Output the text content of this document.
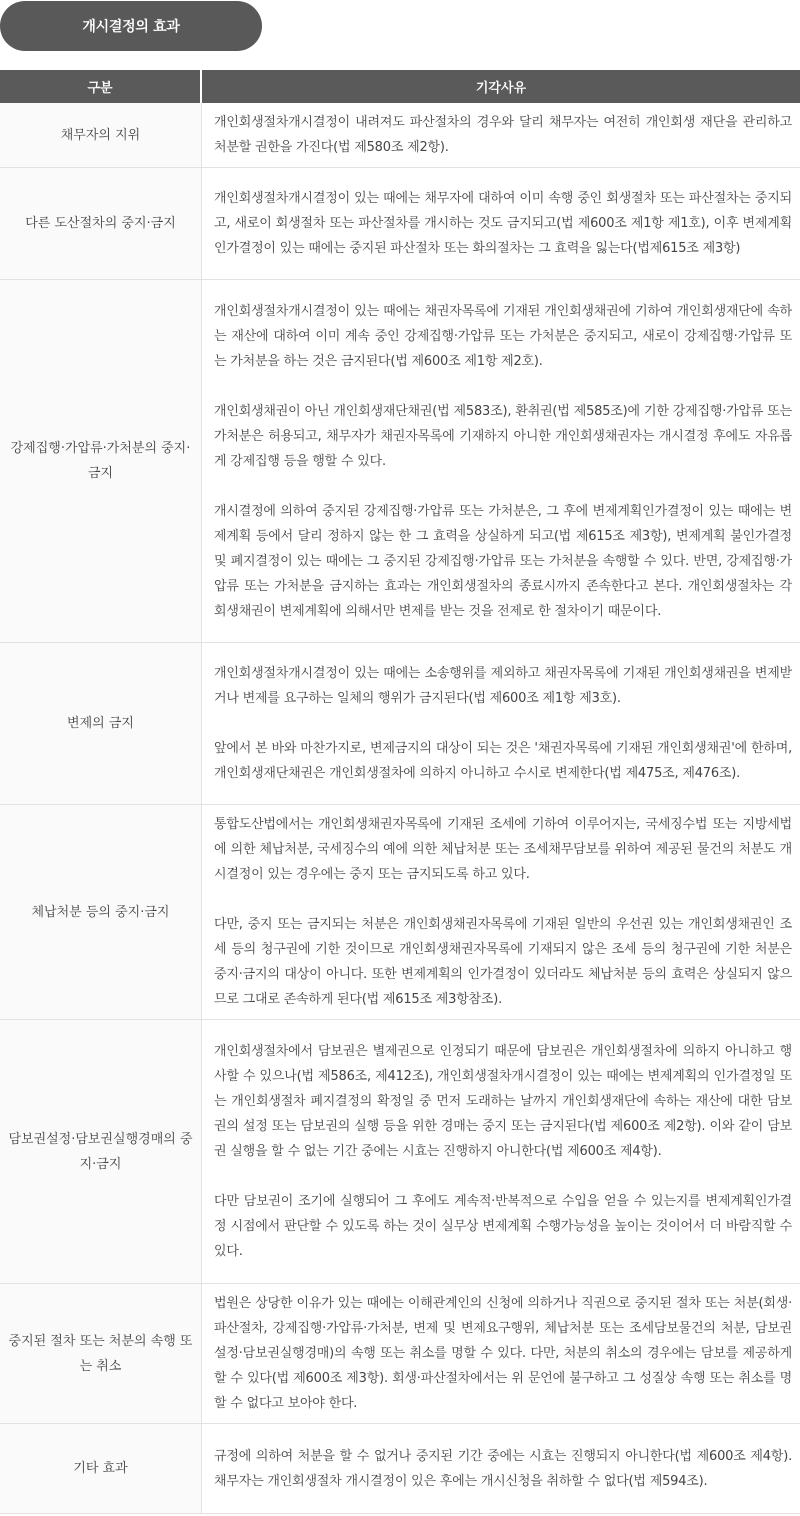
개시결정의 효과
구분	기각사유
채무자의 지위	개인회생절차개시결정이 내려져도 파산절차의 경우와 달리 채무자는 여전히 개인회생 재단을 관리하고 처분할 권한을 가진다(법 제580조 제2항).

다른 도산절차의 중지·금지	개인회생절차개시결정이 있는 때에는 채무자에 대하여 이미 속행 중인 회생절차 또는 파산절차는 중지되고, 새로이 회생절차 또는 파산절차를 개시하는 것도 금지되고(법 제600조 제1항 제1호), 이후 변제계획인가결정이 있는 때에는 중지된 파산절차 또는 화의절차는 그 효력을 잃는다(법제615조 제3항)

강제집행·가압류·가처분의 중지·금지	개인회생절차개시결정이 있는 때에는 채권자목록에 기재된 개인회생채권에 기하여 개인회생재단에 속하는 재산에 대하여 이미 계속 중인 강제집행·가압류 또는 가처분은 중지되고, 새로이 강제집행·가압류 또는 가처분을 하는 것은 금지된다(법 제600조 제1항 제2호).

개인회생채권이 아닌 개인회생재단채권(법 제583조), 환취권(법 제585조)에 기한 강제집행·가압류 또는 가처분은 허용되고, 채무자가 채권자목록에 기재하지 아니한 개인회생채권자는 개시결정 후에도 자유롭게 강제집행 등을 행할 수 있다.

개시결정에 의하여 중지된 강제집행·가압류 또는 가처분은, 그 후에 변제계획인가결정이 있는 때에는 변제계획 등에서 달리 정하지 않는 한 그 효력을 상실하게 되고(법 제615조 제3항), 변제계획 불인가결정 및 폐지결정이 있는 때에는 그 중지된 강제집행·가압류 또는 가처분을 속행할 수 있다. 반면, 강제집행·가압류 또는 가처분을 금지하는 효과는 개인회생절차의 종료시까지 존속한다고 본다. 개인회생절차는 각 회생채권이 변제계획에 의해서만 변제를 받는 것을 전제로 한 절차이기 때문이다.

변제의 금지	개인회생절차개시결정이 있는 때에는 소송행위를 제외하고 채권자목록에 기재된 개인회생채권을 변제받거나 변제를 요구하는 일체의 행위가 금지된다(법 제600조 제1항 제3호).

앞에서 본 바와 마찬가지로, 변제금지의 대상이 되는 것은 '채권자목록에 기재된 개인회생채권'에 한하며, 개인회생재단채권은 개인회생절차에 의하지 아니하고 수시로 변제한다(법 제475조, 제476조).

체납처분 등의 중지·금지	통합도산법에서는 개인회생채권자목록에 기재된 조세에 기하여 이루어지는, 국세징수법 또는 지방세법에 의한 체납처분, 국세징수의 예에 의한 체납처분 또는 조세채무담보를 위하여 제공된 물건의 처분도 개시결정이 있는 경우에는 중지 또는 금지되도록 하고 있다.

다만, 중지 또는 금지되는 처분은 개인회생채권자목록에 기재된 일반의 우선권 있는 개인회생채권인 조세 등의 청구권에 기한 것이므로 개인회생채권자목록에 기재되지 않은 조세 등의 청구권에 기한 처분은 중지·금지의 대상이 아니다. 또한 변제계획의 인가결정이 있더라도 체납처분 등의 효력은 상실되지 않으므로 그대로 존속하게 된다(법 제615조 제3항참조).

담보권설정·담보권실행경매의 중지·금지	개인회생절차에서 담보권은 별제권으로 인정되기 때문에 담보권은 개인회생절차에 의하지 아니하고 행사할 수 있으나(법 제586조, 제412조), 개인회생절차개시결정이 있는 때에는 변제계획의 인가결정일 또는 개인회생절차 폐지결정의 확정일 중 먼저 도래하는 날까지 개인회생재단에 속하는 재산에 대한 담보권의 설정 또는 담보권의 실행 등을 위한 경매는 중지 또는 금지된다(법 제600조 제2항). 이와 같이 담보권 실행을 할 수 없는 기간 중에는 시효는 진행하지 아니한다(법 제600조 제4항).

다만 담보권이 조기에 실행되어 그 후에도 계속적·반복적으로 수입을 얻을 수 있는지를 변제계획인가결정 시점에서 판단할 수 있도록 하는 것이 실무상 변제계획 수행가능성을 높이는 것이어서 더 바람직할 수 있다.

중지된 절차 또는 처분의 속행 또는 취소	법원은 상당한 이유가 있는 때에는 이해관계인의 신청에 의하거나 직권으로 중지된 절차 또는 처분(회생·파산절차, 강제집행·가압류·가처분, 변제 및 변제요구행위, 체납처분 또는 조세담보물건의 처분, 담보권설정·담보권실행경매)의 속행 또는 취소를 명할 수 있다. 다만, 처분의 취소의 경우에는 담보를 제공하게 할 수 있다(법 제600조 제3항). 회생·파산절차에서는 위 문언에 불구하고 그 성질상 속행 또는 취소를 명할 수 없다고 보아야 한다.

기타 효과	규정에 의하여 처분을 할 수 없거나 중지된 기간 중에는 시효는 진행되지 아니한다(법 제600조 제4항). 채무자는 개인회생절차 개시결정이 있은 후에는 개시신청을 취하할 수 없다(법 제594조).
